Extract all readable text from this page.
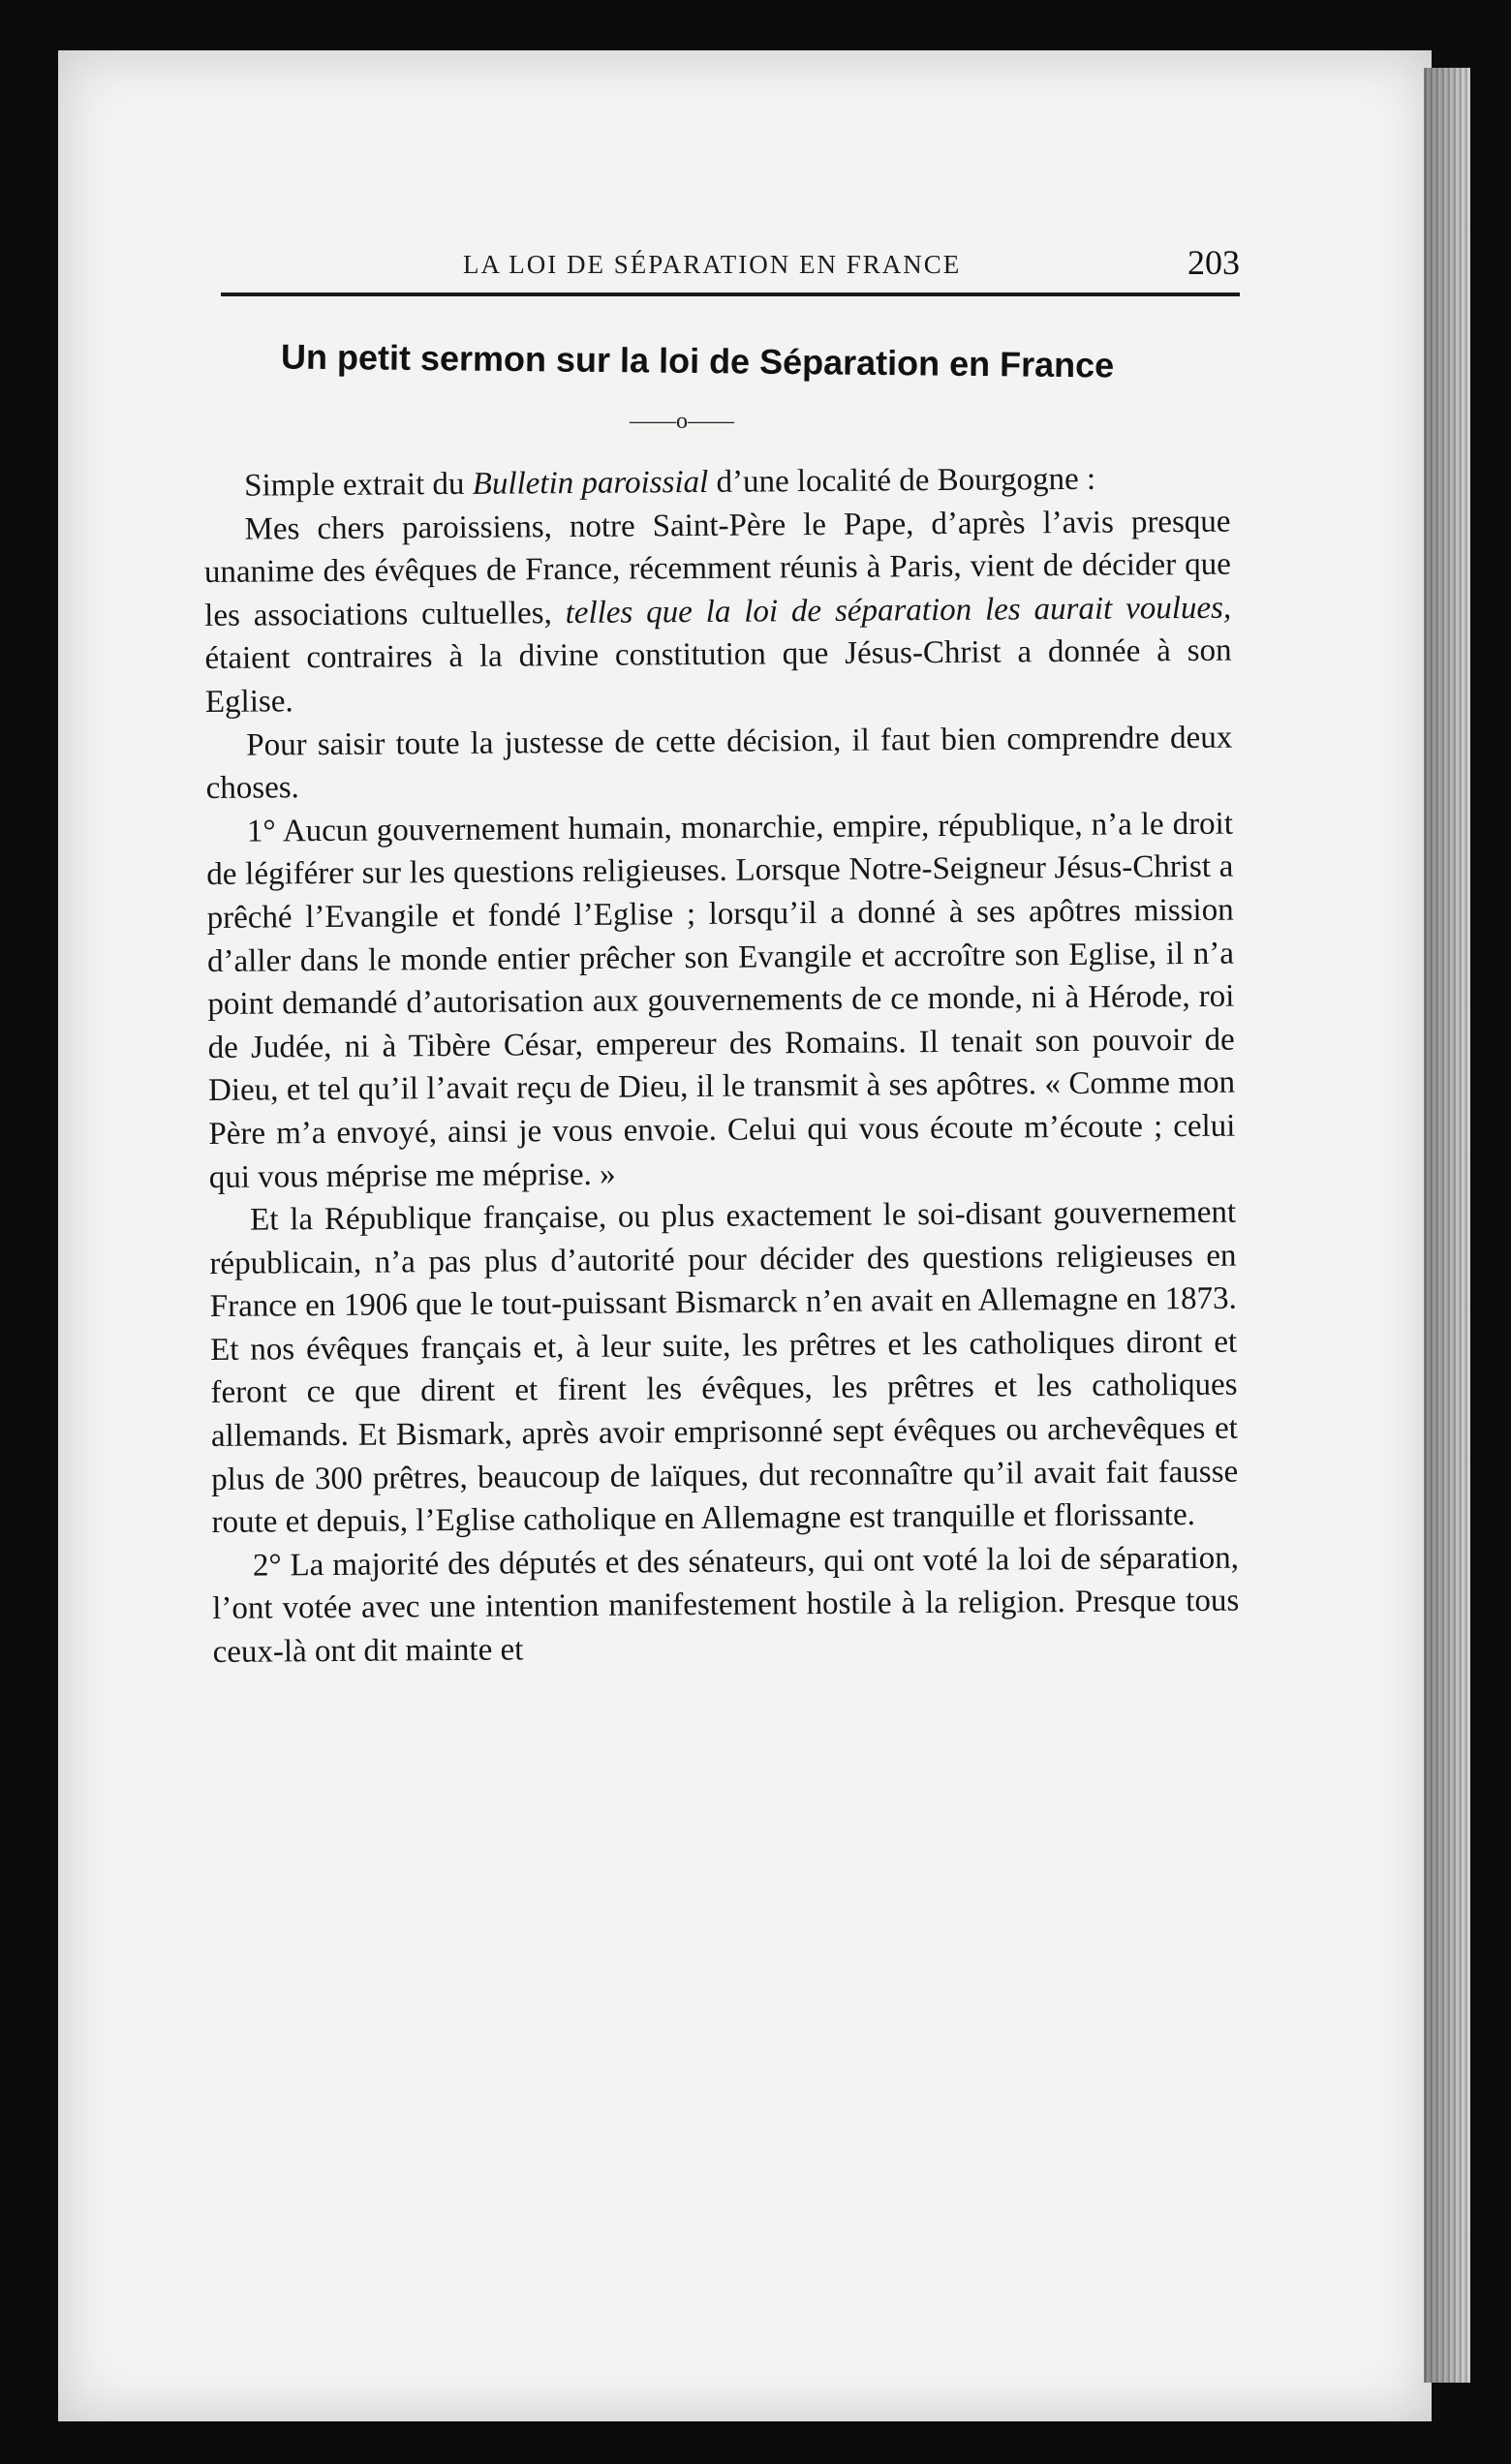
LA LOI DE SÉPARATION EN FRANCE	203
Un petit sermon sur la loi de Séparation en France
——o——

Simple extrait du Bulletin paroissial d’une localité de Bourgogne :

Mes chers paroissiens, notre Saint-Père le Pape, d’après l’avis presque unanime des évêques de France, récemment réunis à Paris, vient de décider que les associations cultuelles, telles que la loi de séparation les aurait voulues, étaient contraires à la divine constitution que Jésus-Christ a donnée à son Eglise.

Pour saisir toute la justesse de cette décision, il faut bien comprendre deux choses.

1° Aucun gouvernement humain, monarchie, empire, république, n’a le droit de légiférer sur les questions religieuses. Lorsque Notre-Seigneur Jésus-Christ a prêché l’Evangile et fondé l’Eglise ; lorsqu’il a donné à ses apôtres mission d’aller dans le monde entier prêcher son Evangile et accroître son Eglise, il n’a point demandé d’autorisation aux gouvernements de ce monde, ni à Hérode, roi de Judée, ni à Tibère César, empereur des Romains. Il tenait son pouvoir de Dieu, et tel qu’il l’avait reçu de Dieu, il le transmit à ses apôtres. « Comme mon Père m’a envoyé, ainsi je vous envoie. Celui qui vous écoute m’écoute ; celui qui vous méprise me méprise. »

Et la République française, ou plus exactement le soi-disant gouvernement républicain, n’a pas plus d’autorité pour décider des questions religieuses en France en 1906 que le tout-puissant Bismarck n’en avait en Allemagne en 1873. Et nos évêques français et, à leur suite, les prêtres et les catholiques diront et feront ce que dirent et firent les évêques, les prêtres et les catholiques allemands. Et Bismark, après avoir emprisonné sept évêques ou archevêques et plus de 300 prêtres, beaucoup de laïques, dut reconnaître qu’il avait fait fausse route et depuis, l’Eglise catholique en Allemagne est tranquille et florissante.

2° La majorité des députés et des sénateurs, qui ont voté la loi de séparation, l’ont votée avec une intention manifestement hostile à la religion. Presque tous ceux-là ont dit mainte et
